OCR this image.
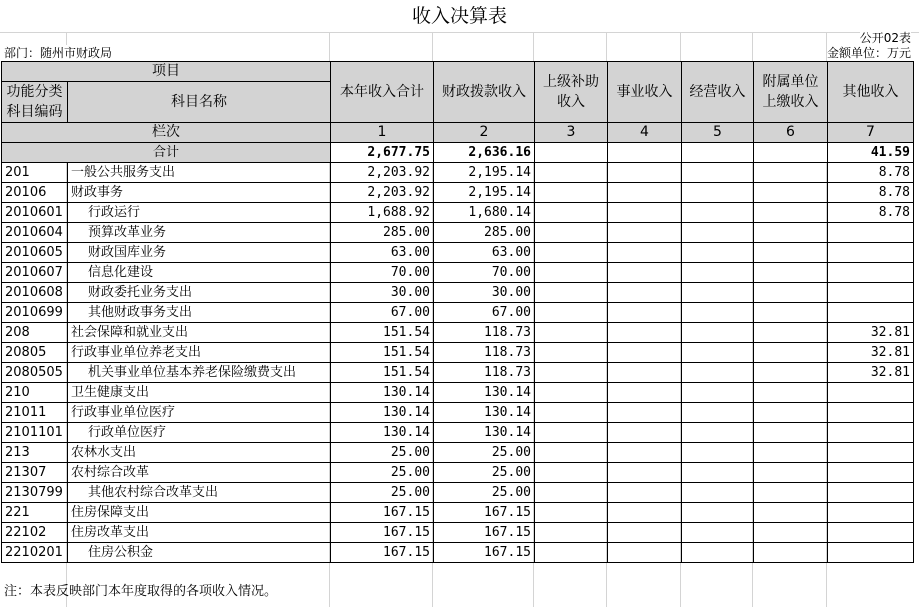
收入决算表
公开02表
部门：随州市财政局	金额单位：万元
项目		本年收入合计	财政拨款收入	上级补助收入	事业收入	经营收入	附属单位上缴收入	其他收入
功能分类科目编码	科目名称							

栏次		1	2	3	4	5	6	7
合计		2,677.75	2,636.16					41.59
201	一般公共服务支出	2,203.92	2,195.14					8.78
20106	财政事务	2,203.92	2,195.14					8.78
2010601	行政运行	1,688.92	1,680.14					8.78
2010604	预算改革业务	285.00	285.00					
2010605	财政国库业务	63.00	63.00					
2010607	信息化建设	70.00	70.00					
2010608	财政委托业务支出	30.00	30.00					
2010699	其他财政事务支出	67.00	67.00					
208	社会保障和就业支出	151.54	118.73					32.81
20805	行政事业单位养老支出	151.54	118.73					32.81
2080505	机关事业单位基本养老保险缴费支出	151.54	118.73					32.81
210	卫生健康支出	130.14	130.14					
21011	行政事业单位医疗	130.14	130.14					
2101101	行政单位医疗	130.14	130.14					
213	农林水支出	25.00	25.00					
21307	农村综合改革	25.00	25.00					
2130799	其他农村综合改革支出	25.00	25.00					
221	住房保障支出	167.15	167.15					
22102	住房改革支出	167.15	167.15					
2210201	住房公积金	167.15	167.15					
注：本表反映部门本年度取得的各项收入情况。
